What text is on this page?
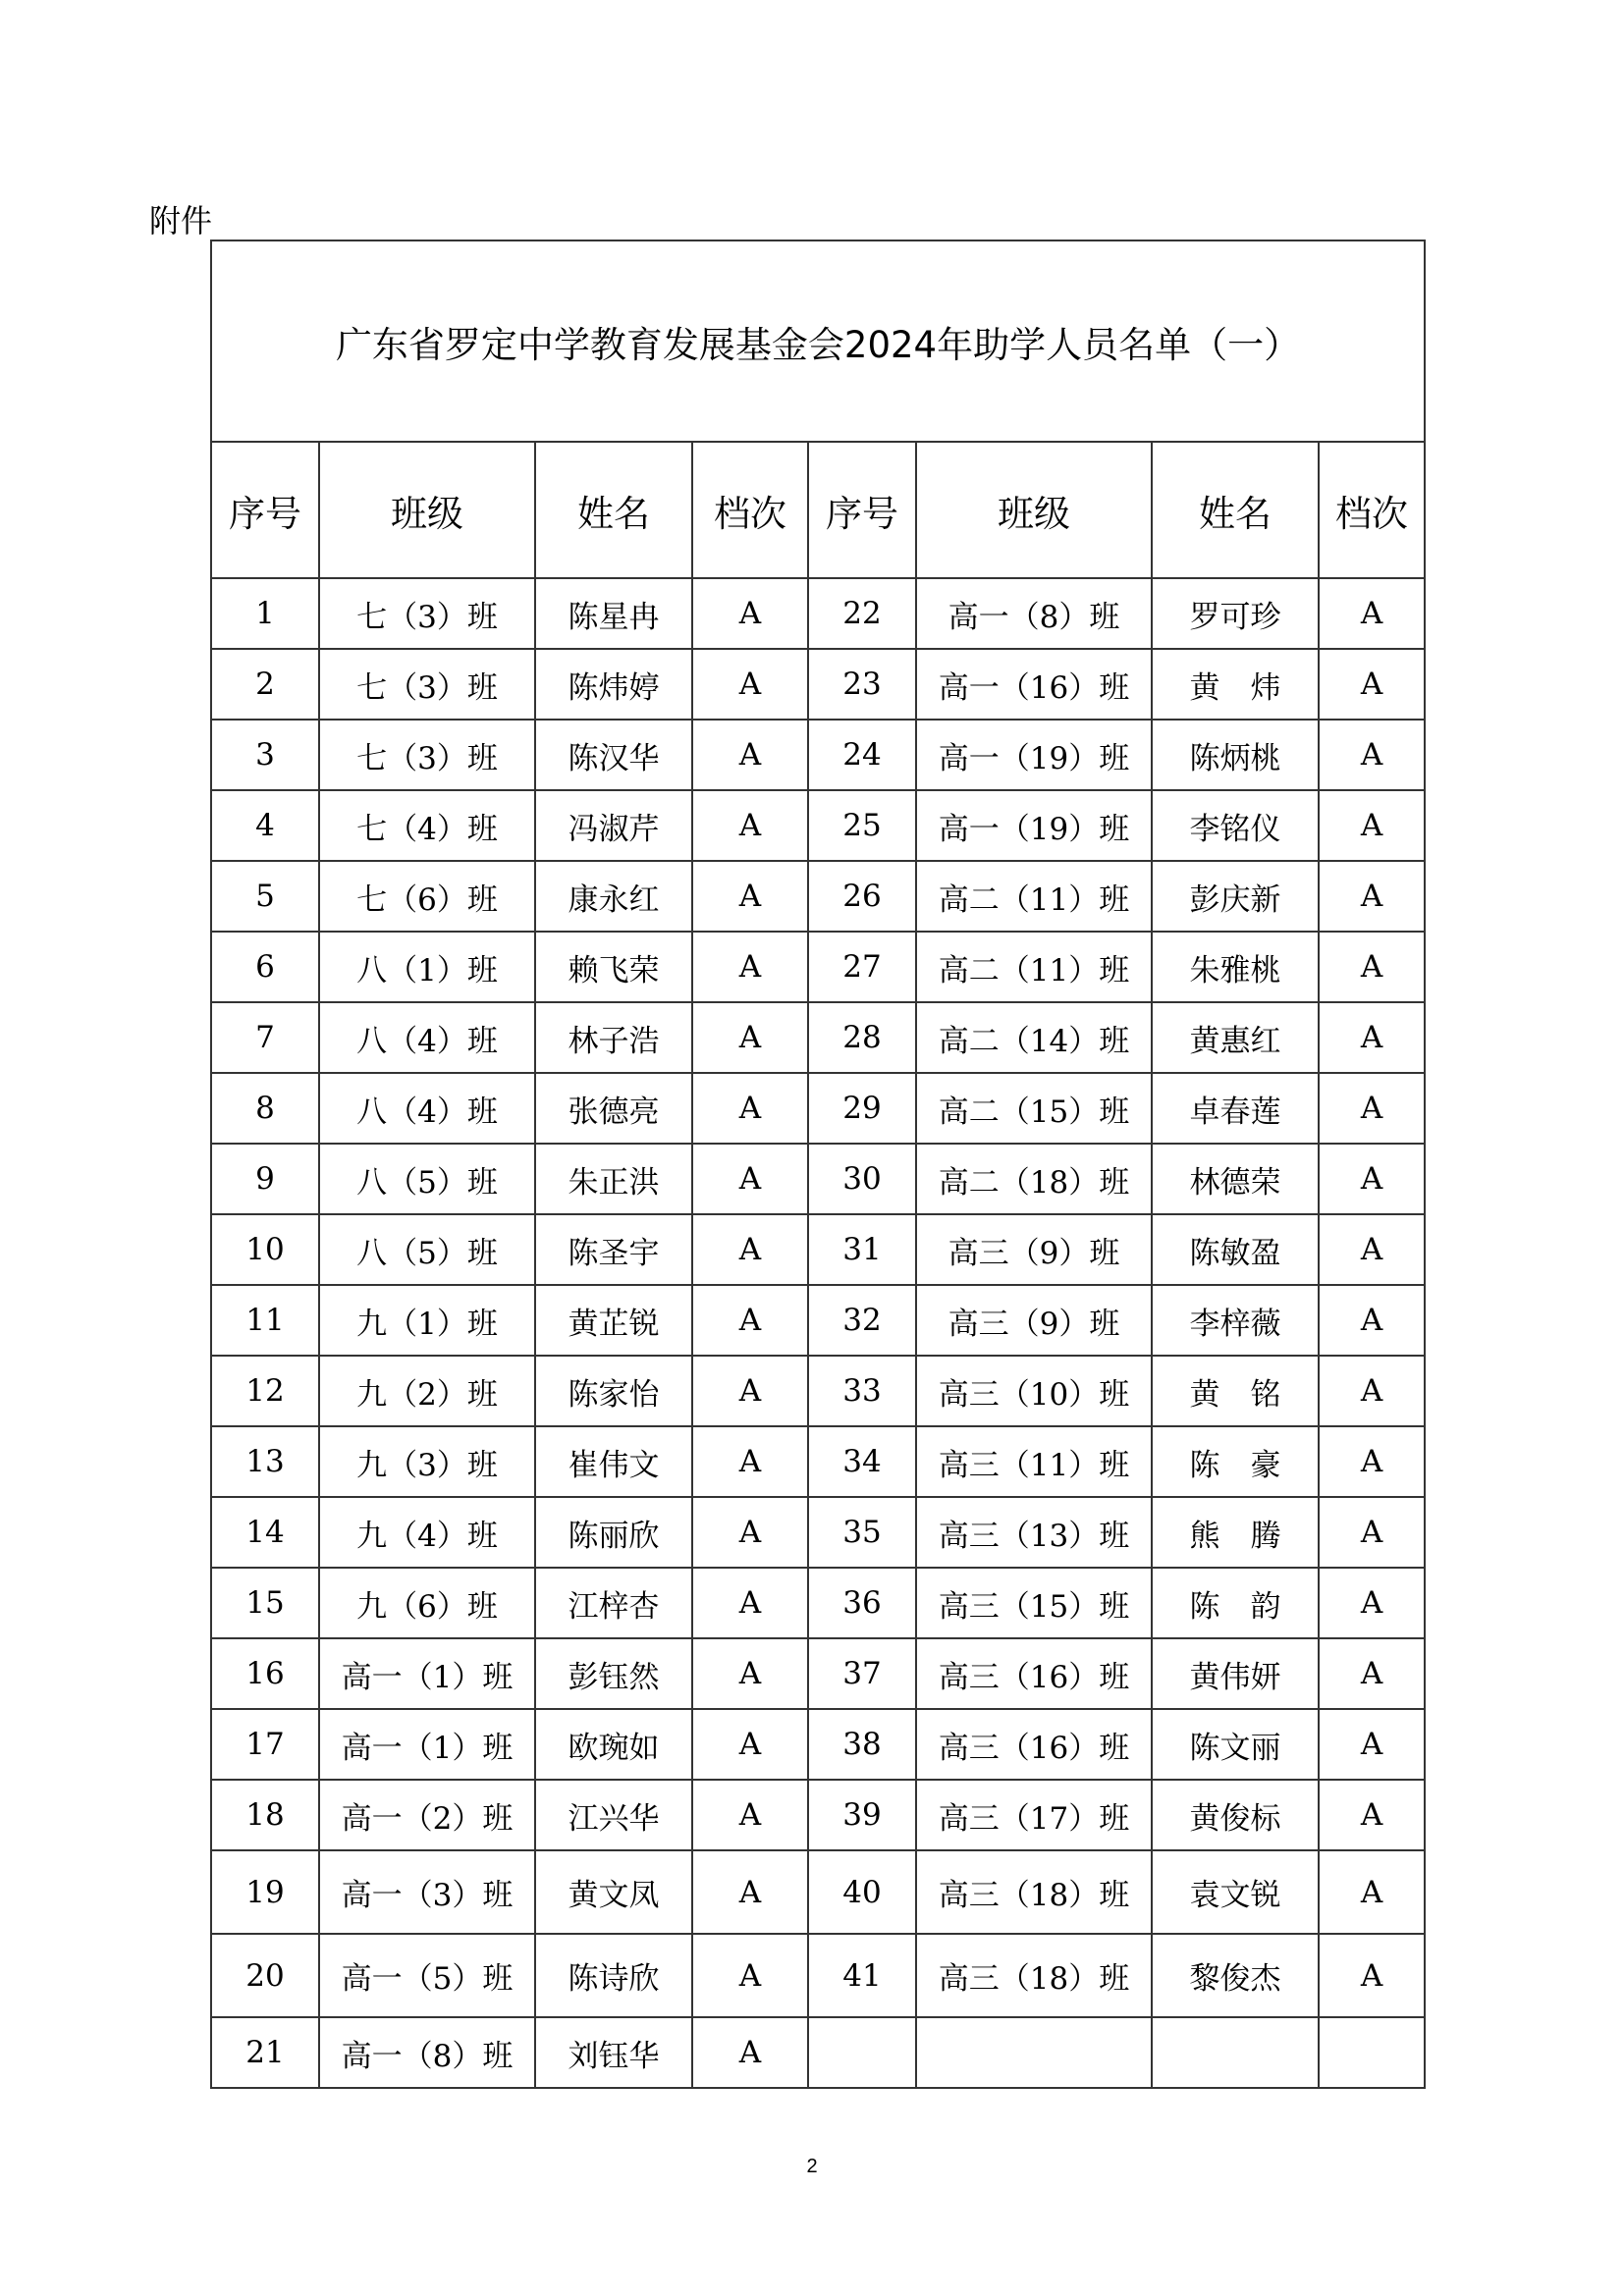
附件
广东省罗定中学教育发展基金会2024年助学人员名单（一）							
序号	班级	姓名	档次	序号	班级	姓名	档次
1	七（3）班	陈星冉	A	22	高一（8）班	罗可珍	A
2	七（3）班	陈炜婷	A	23	高一（16）班	黄　炜	A
3	七（3）班	陈汉华	A	24	高一（19）班	陈炳桃	A
4	七（4）班	冯淑芹	A	25	高一（19）班	李铭仪	A
5	七（6）班	康永红	A	26	高二（11）班	彭庆新	A
6	八（1）班	赖飞荣	A	27	高二（11）班	朱雅桃	A
7	八（4）班	林子浩	A	28	高二（14）班	黄惠红	A
8	八（4）班	张德亮	A	29	高二（15）班	卓春莲	A
9	八（5）班	朱正洪	A	30	高二（18）班	林德荣	A
10	八（5）班	陈圣宇	A	31	高三（9）班	陈敏盈	A
11	九（1）班	黄芷锐	A	32	高三（9）班	李梓薇	A
12	九（2）班	陈家怡	A	33	高三（10）班	黄　铭	A
13	九（3）班	崔伟文	A	34	高三（11）班	陈　豪	A
14	九（4）班	陈丽欣	A	35	高三（13）班	熊　腾	A
15	九（6）班	江梓杏	A	36	高三（15）班	陈　韵	A
16	高一（1）班	彭钰然	A	37	高三（16）班	黄伟妍	A
17	高一（1）班	欧琬如	A	38	高三（16）班	陈文丽	A
18	高一（2）班	江兴华	A	39	高三（17）班	黄俊标	A
19	高一（3）班	黄文凤	A	40	高三（18）班	袁文锐	A
20	高一（5）班	陈诗欣	A	41	高三（18）班	黎俊杰	A
21	高一（8）班	刘钰华	A				
2
